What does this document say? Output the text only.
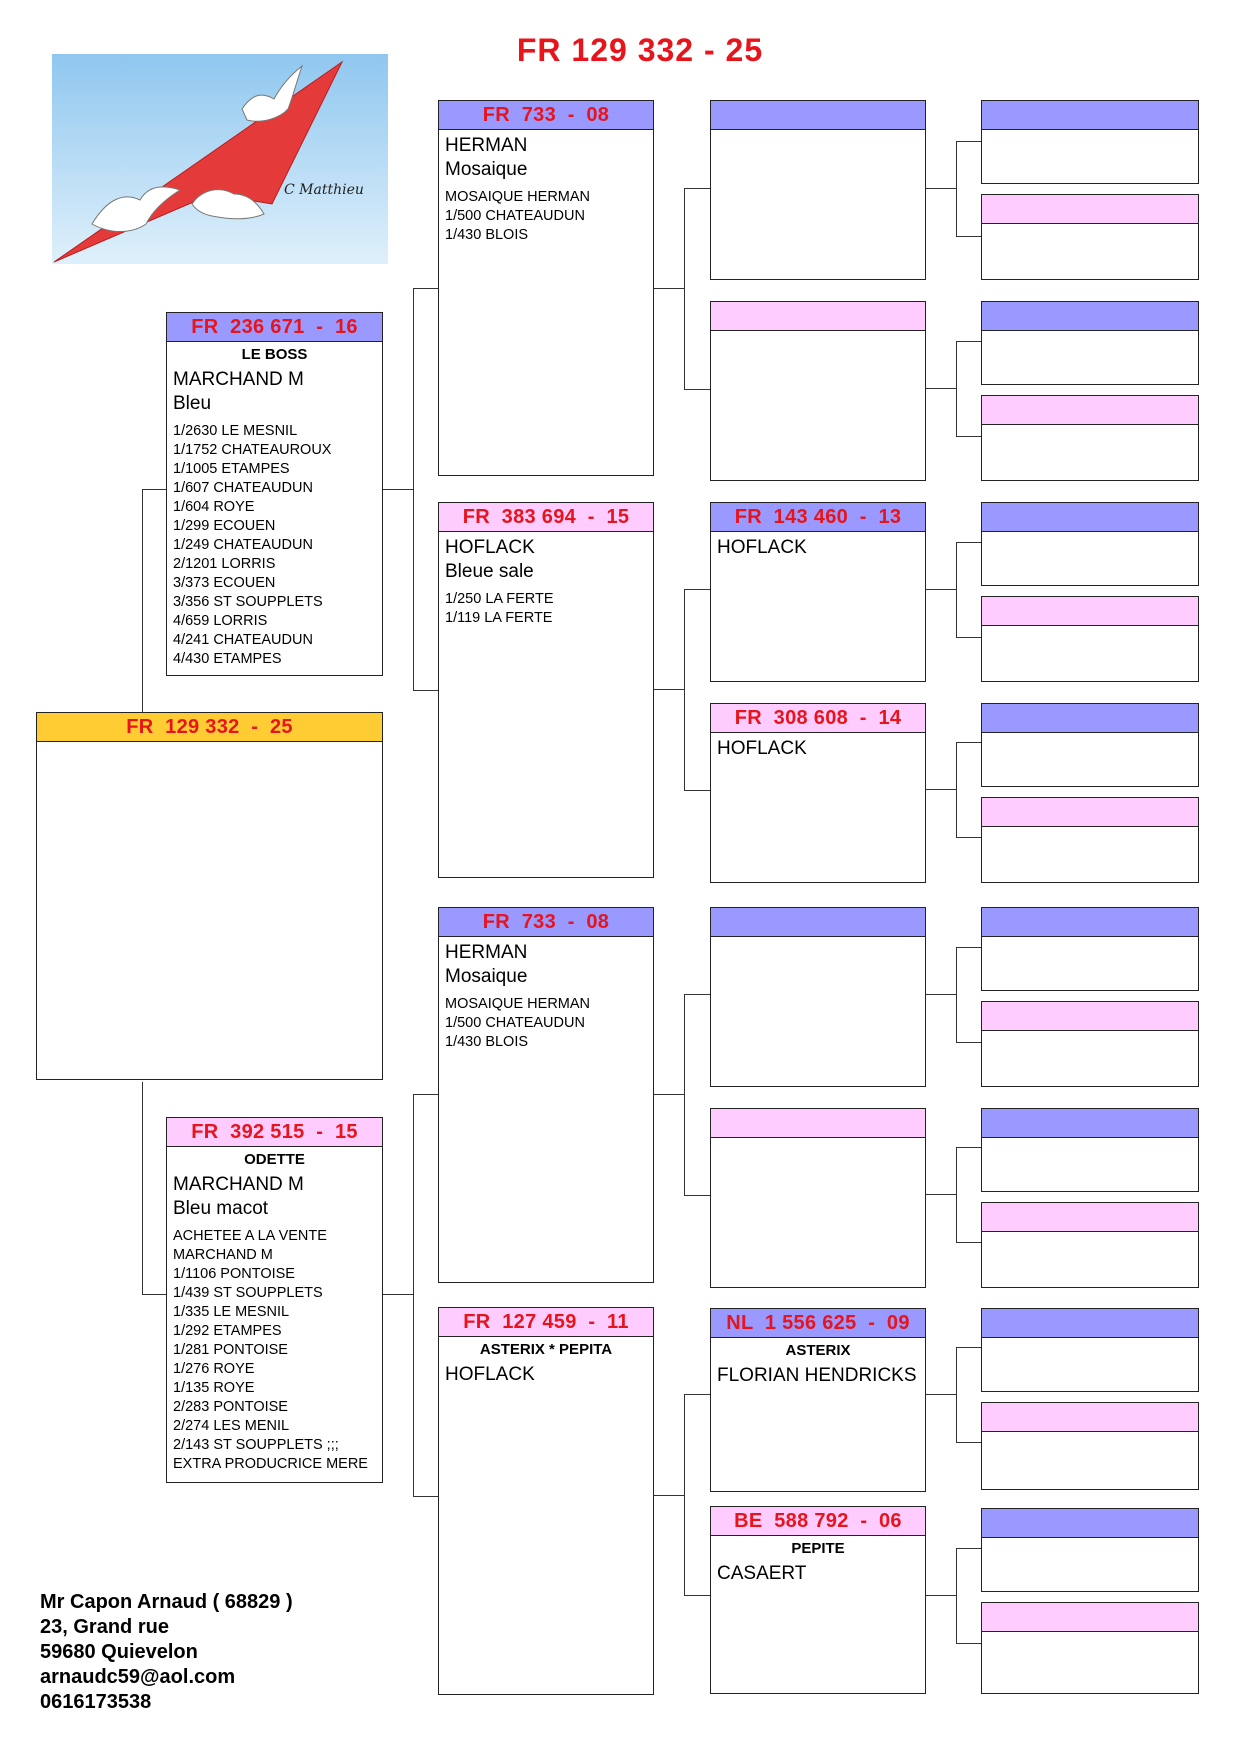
C Matthieu
FR 129 332 - 25
FR  129 332  -  25
FR  236 671  -  16
LE BOSS
MARCHAND M
Bleu
1/2630 LE MESNIL
1/1752 CHATEAUROUX
1/1005 ETAMPES
1/607 CHATEAUDUN
1/604 ROYE
1/299 ECOUEN
1/249 CHATEAUDUN
2/1201 LORRIS
3/373 ECOUEN
3/356 ST SOUPPLETS
4/659 LORRIS
4/241 CHATEAUDUN
4/430 ETAMPES
FR  392 515  -  15
ODETTE
MARCHAND M
Bleu macot
ACHETEE A LA VENTE
MARCHAND M
1/1106 PONTOISE
1/439 ST SOUPPLETS
1/335 LE MESNIL
1/292 ETAMPES
1/281 PONTOISE
1/276 ROYE
1/135 ROYE
2/283 PONTOISE
2/274 LES MENIL
2/143 ST SOUPPLETS ;;;
EXTRA PRODUCRICE MERE
FR  733  -  08
HERMAN
Mosaique
MOSAIQUE HERMAN
1/500 CHATEAUDUN
1/430 BLOIS
FR  383 694  -  15
HOFLACK
Bleue sale
1/250 LA FERTE
1/119 LA FERTE
FR  733  -  08
HERMAN
Mosaique
MOSAIQUE HERMAN
1/500 CHATEAUDUN
1/430 BLOIS
FR  127 459  -  11
ASTERIX * PEPITA
HOFLACK
FR  143 460  -  13
HOFLACK
FR  308 608  -  14
HOFLACK
NL  1 556 625  -  09
ASTERIX
FLORIAN HENDRICKS
BE  588 792  -  06
PEPITE
CASAERT
Mr Capon Arnaud ( 68829 )
23, Grand rue
59680 Quievelon
arnaudc59@aol.com
0616173538
